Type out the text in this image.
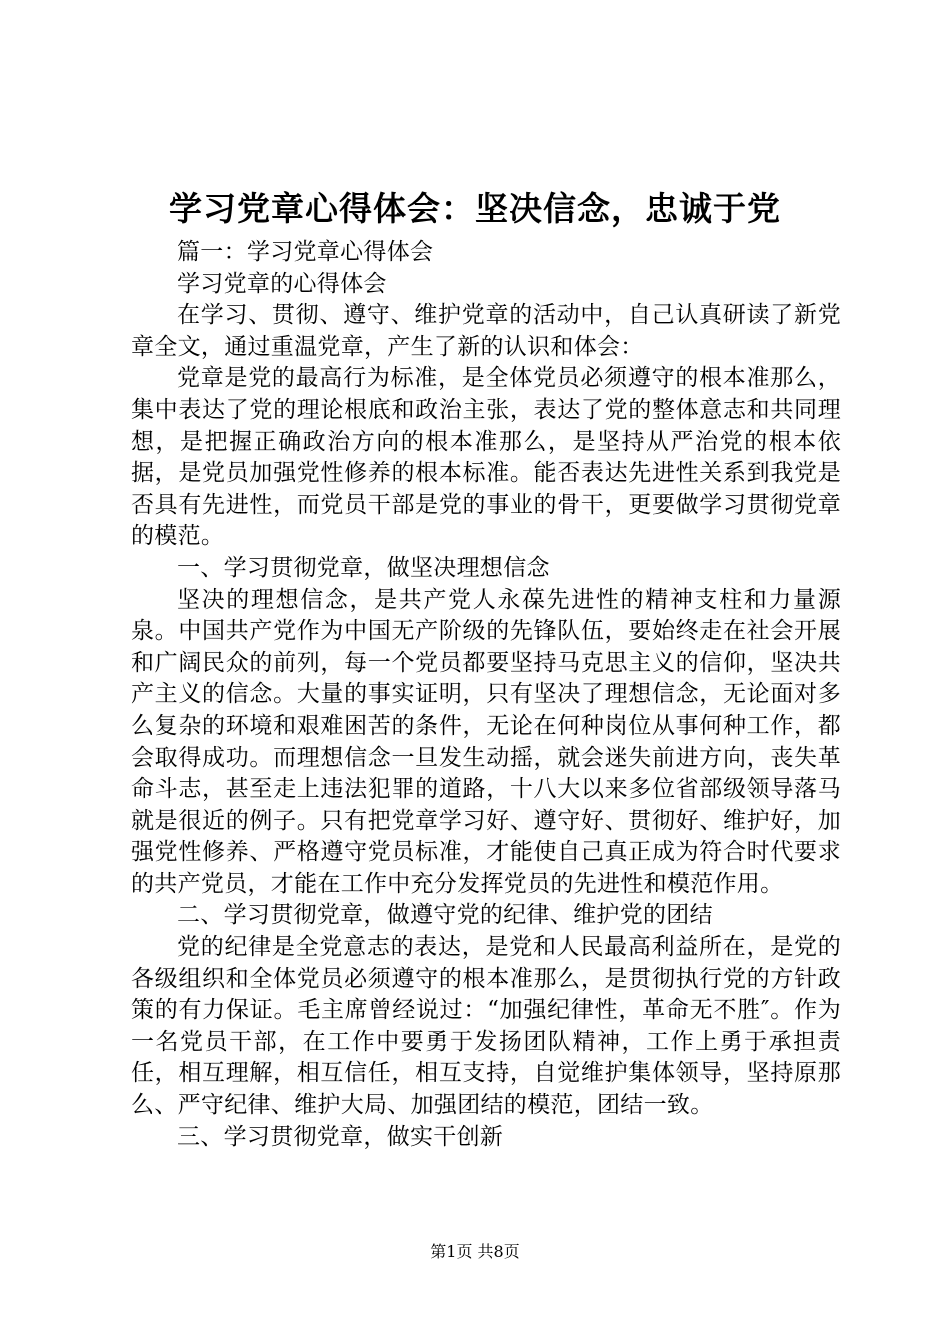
学习党章心得体会：坚决信念，忠诚于党

篇一：学习党章心得体会

学习党章的心得体会

在学习、贯彻、遵守、维护党章的活动中，自己认真研读了新党章全文，通过重温党章，产生了新的认识和体会：

党章是党的最高行为标准，是全体党员必须遵守的根本准那么，集中表达了党的理论根底和政治主张，表达了党的整体意志和共同理想，是把握正确政治方向的根本准那么，是坚持从严治党的根本依据，是党员加强党性修养的根本标准。能否表达先进性关系到我党是否具有先进性，而党员干部是党的事业的骨干，更要做学习贯彻党章的模范。

一、学习贯彻党章，做坚决理想信念

坚决的理想信念，是共产党人永葆先进性的精神支柱和力量源泉。中国共产党作为中国无产阶级的先锋队伍，要始终走在社会开展和广阔民众的前列，每一个党员都要坚持马克思主义的信仰，坚决共产主义的信念。大量的事实证明，只有坚决了理想信念，无论面对多么复杂的环境和艰难困苦的条件，无论在何种岗位从事何种工作，都会取得成功。而理想信念一旦发生动摇，就会迷失前进方向，丧失革命斗志，甚至走上违法犯罪的道路，十八大以来多位省部级领导落马就是很近的例子。只有把党章学习好、遵守好、贯彻好、维护好，加强党性修养、严格遵守党员标准，才能使自己真正成为符合时代要求的共产党员，才能在工作中充分发挥党员的先进性和模范作用。

二、学习贯彻党章，做遵守党的纪律、维护党的团结

党的纪律是全党意志的表达，是党和人民最高利益所在，是党的各级组织和全体党员必须遵守的根本准那么，是贯彻执行党的方针政策的有力保证。毛主席曾经说过：“加强纪律性，革命无不胜″。作为一名党员干部，在工作中要勇于发扬团队精神，工作上勇于承担责任，相互理解，相互信任，相互支持，自觉维护集体领导，坚持原那么、严守纪律、维护大局、加强团结的模范，团结一致。

三、学习贯彻党章，做实干创新

第1页 共8页
